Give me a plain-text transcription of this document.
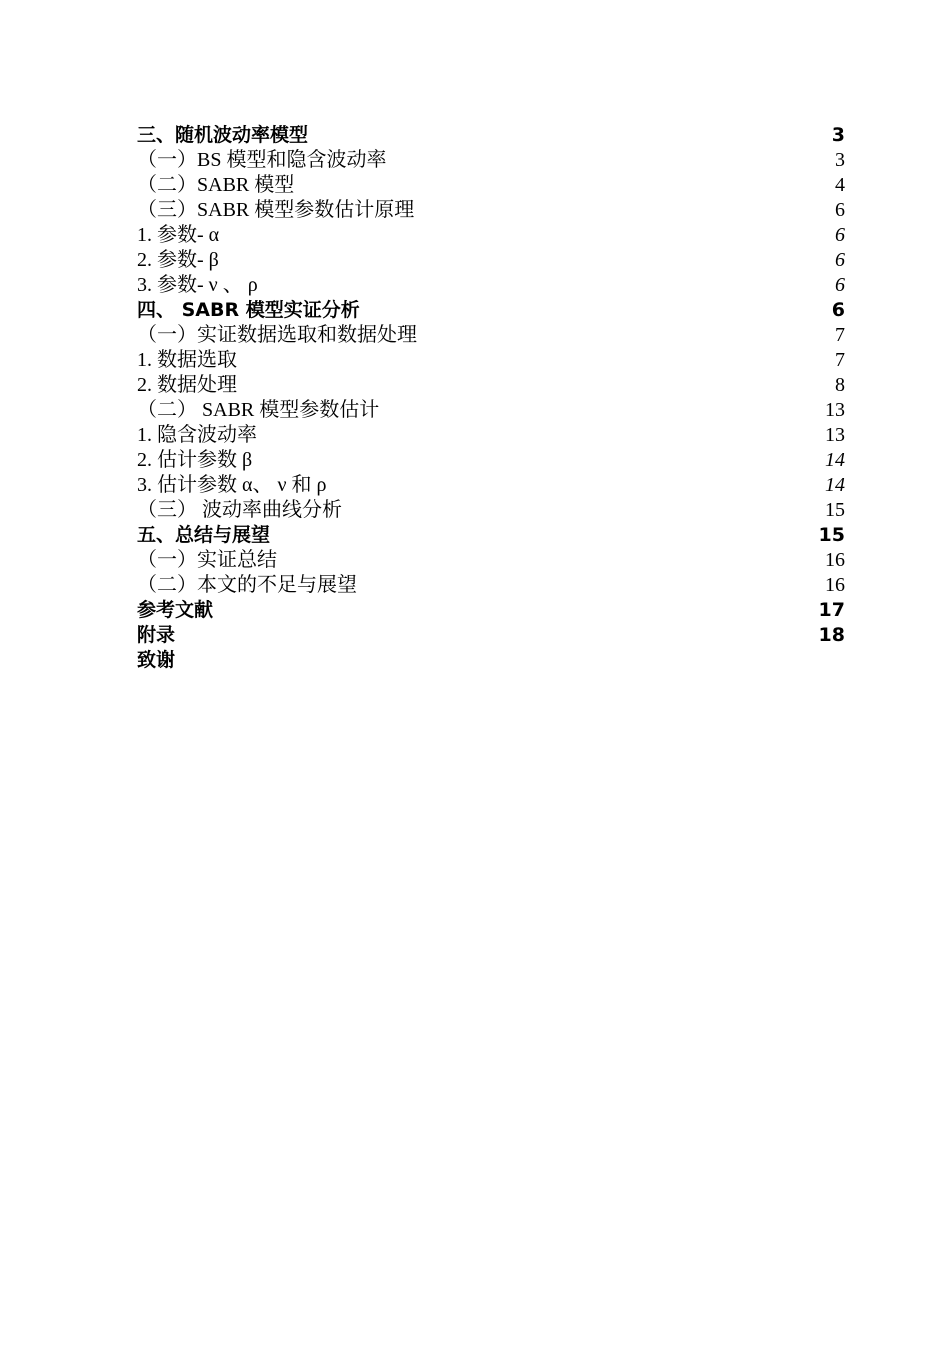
三、随机波动率模型	3
（一）BS 模型和隐含波动率	3
（二）SABR 模型	4
（三）SABR 模型参数估计原理	6
1. 参数- α	6
2. 参数- β	6
3. 参数- ν 、 ρ	6
四、 SABR 模型实证分析	6
（一）实证数据选取和数据处理	7
1. 数据选取	7
2. 数据处理	8
（二） SABR 模型参数估计	13
1. 隐含波动率	13
2. 估计参数 β	14
3. 估计参数 α、 ν 和 ρ	14
（三） 波动率曲线分析	15
五、总结与展望	15
（一）实证总结	16
（二）本文的不足与展望	16
参考文献	17
附录	18
致谢
